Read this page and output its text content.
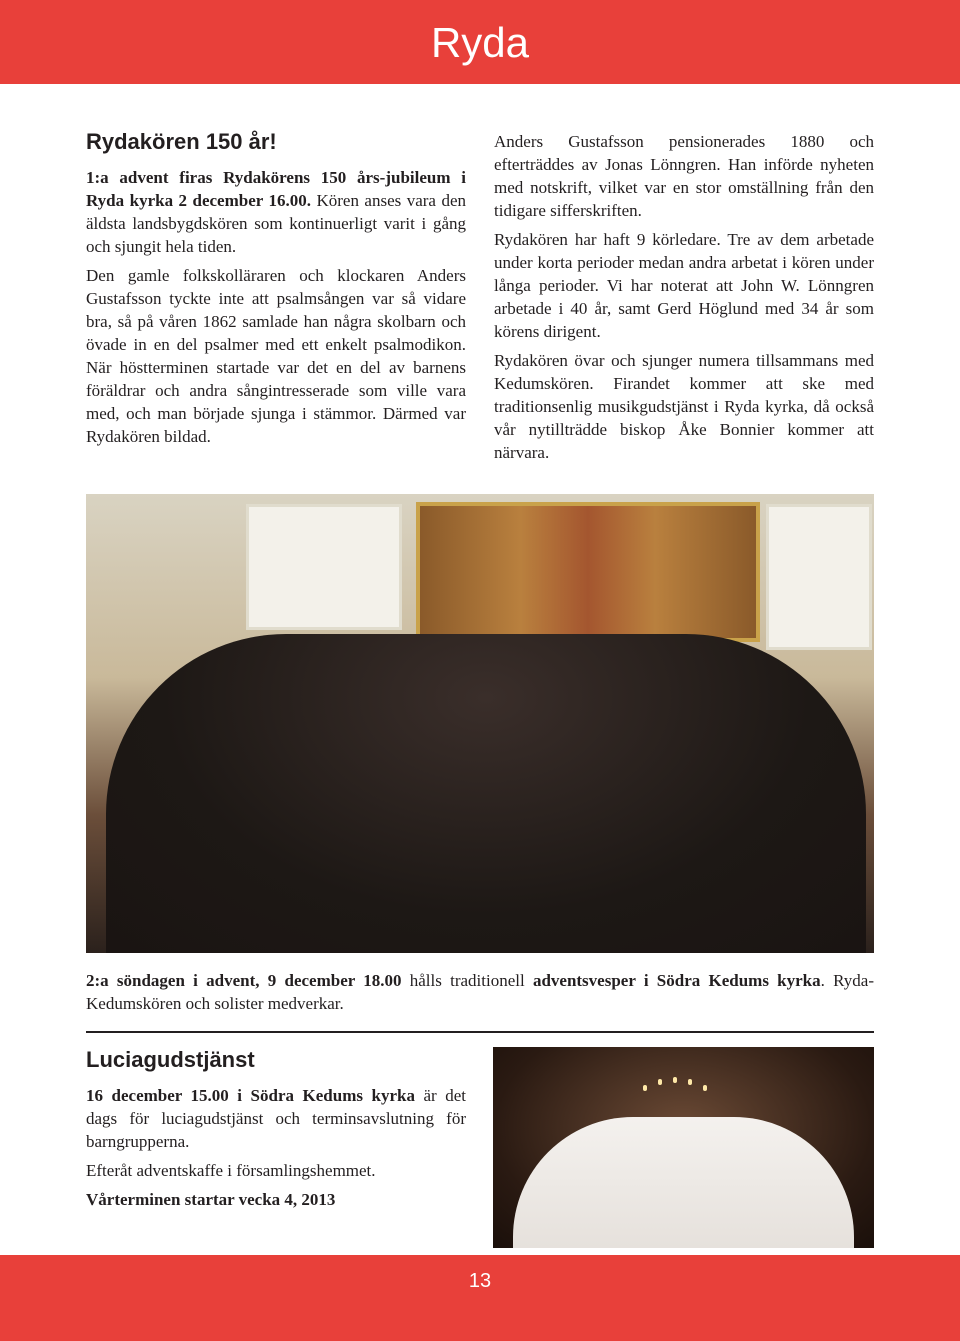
Ryda
Rydakören 150 år!

1:a advent firas Rydakörens 150 års-jubileum i Ryda kyrka 2 december 16.00. Kören anses vara den äldsta landsbygdskören som kontinuerligt varit i gång och sjungit hela tiden.

Den gamle folkskolläraren och klockaren Anders Gustafsson tyckte inte att psalmsången var så vidare bra, så på våren 1862 samlade han några skolbarn och övade in en del psalmer med ett enkelt psalmodikon. När höstterminen startade var det en del av barnens föräldrar och andra sångintresserade som ville vara med, och man började sjunga i stämmor. Därmed var Rydakören bildad.

Anders Gustafsson pensionerades 1880 och efterträddes av Jonas Lönngren. Han införde nyheten med notskrift, vilket var en stor omställning från den tidigare sifferskriften.

Rydakören har haft 9 körledare. Tre av dem arbetade under korta perioder medan andra arbetat i kören under långa perioder. Vi har noterat att John W. Lönngren arbetade i 40 år, samt Gerd Höglund med 34 år som körens dirigent.

Rydakören övar och sjunger numera tillsammans med Kedumskören. Firandet kommer att ske med traditionsenlig musikgudstjänst i Ryda kyrka, då också vår nytillträdde biskop Åke Bonnier kommer att närvara.

2:a söndagen i advent, 9 december 18.00 hålls traditionell adventsvesper i Södra Kedums kyrka. Ryda-Kedumskören och solister medverkar.

Luciagudstjänst

16 december 15.00 i Södra Kedums kyrka är det dags för luciagudstjänst och terminsavslutning för barngrupperna.

Efteråt adventskaffe i församlingshemmet.

Vårterminen startar vecka 4, 2013

13
